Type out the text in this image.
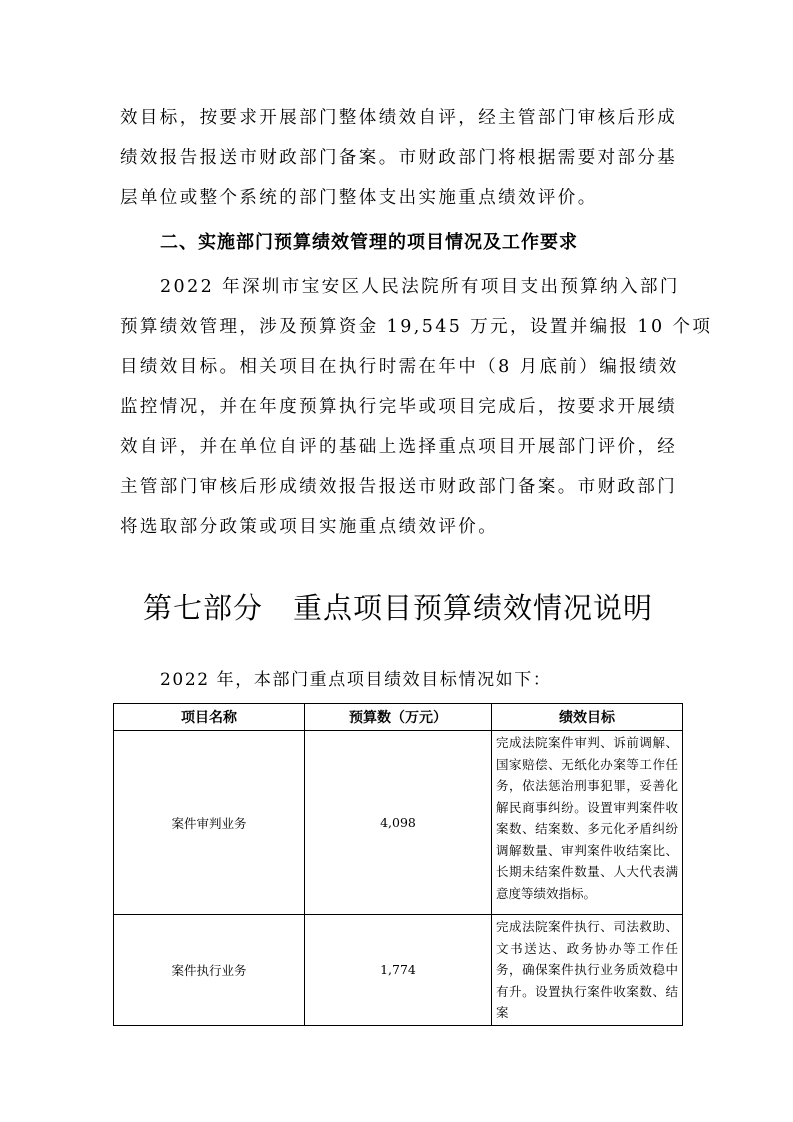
效目标，按要求开展部门整体绩效自评，经主管部门审核后形成

绩效报告报送市财政部门备案。市财政部门将根据需要对部分基

层单位或整个系统的部门整体支出实施重点绩效评价。

二、实施部门预算绩效管理的项目情况及工作要求

2022 年深圳市宝安区人民法院所有项目支出预算纳入部门

预算绩效管理，涉及预算资金 19,545 万元，设置并编报 10 个项

目绩效目标。相关项目在执行时需在年中（8 月底前）编报绩效

监控情况，并在年度预算执行完毕或项目完成后，按要求开展绩

效自评，并在单位自评的基础上选择重点项目开展部门评价，经

主管部门审核后形成绩效报告报送市财政部门备案。市财政部门

将选取部分政策或项目实施重点绩效评价。

第七部分　重点项目预算绩效情况说明

2022 年，本部门重点项目绩效目标情况如下：

项目名称	预算数（万元）	绩效目标
案件审判业务	4,098	完成法院案件审判、诉前调解、国家赔偿、无纸化办案等工作任务，依法惩治刑事犯罪，妥善化解民商事纠纷。设置审判案件收案数、结案数、多元化矛盾纠纷调解数量、审判案件收结案比、长期未结案件数量、人大代表满意度等绩效指标。

案件执行业务	1,774	完成法院案件执行、司法救助、文书送达、政务协办等工作任务，确保案件执行业务质效稳中有升。设置执行案件收案数、结案
